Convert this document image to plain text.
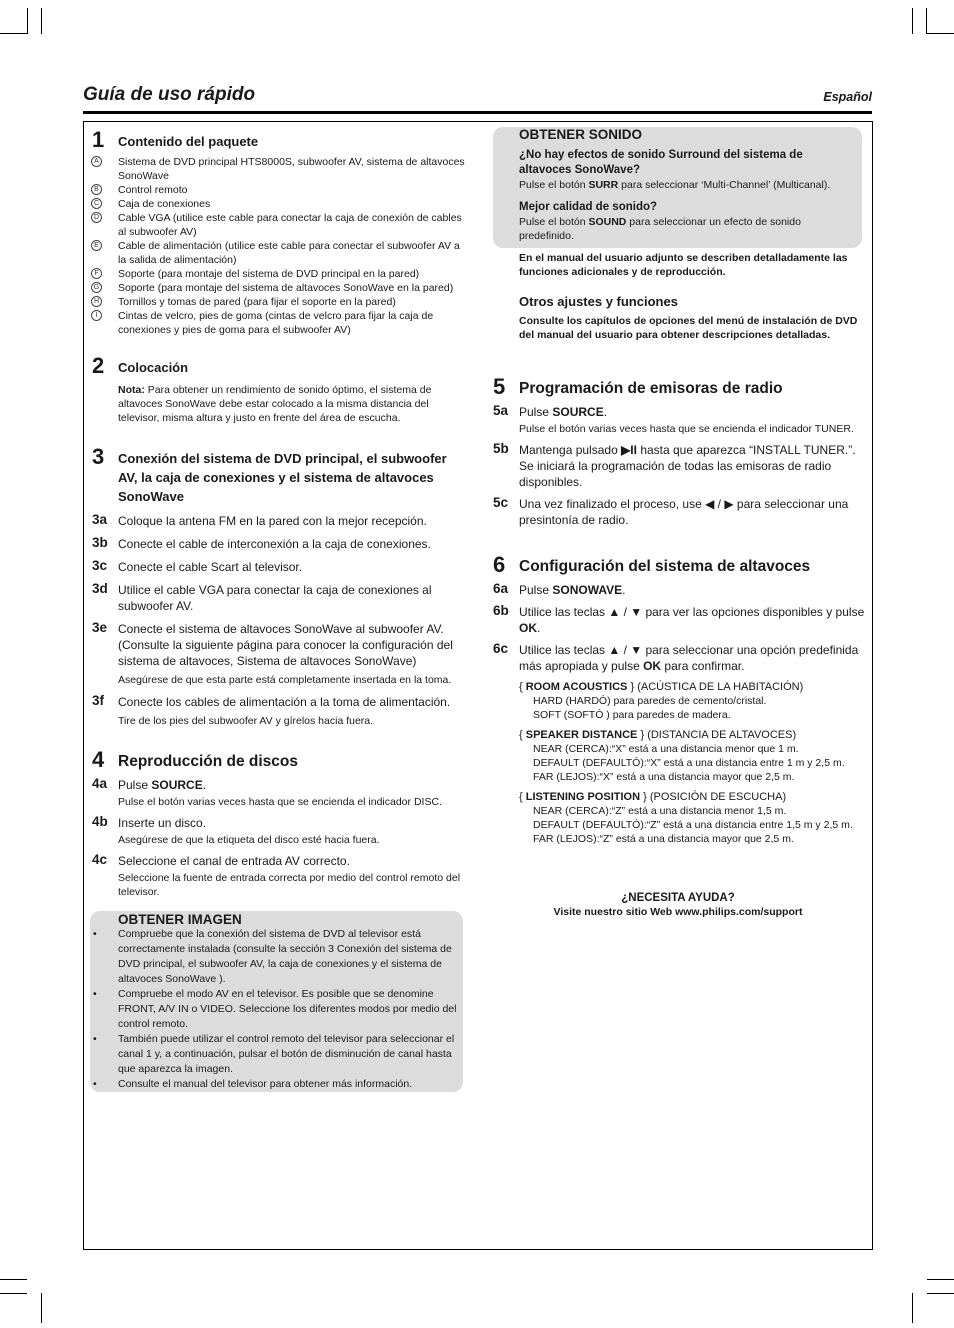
Guía de uso rápido	Español
1 Contenido del paquete
A	Sistema de DVD principal HTS8000S, subwoofer AV, sistema de altavoces SonoWave
B	Control remoto
C Caja de conexiones
D Cable VGA (utilice este cable para conectar la caja de conexión de cables al subwoofer AV)
E	Cable de alimentación (utilice este cable para conectar el subwoofer AV a la salida de alimentación)
F	Soporte (para montaje del sistema de DVD principal en la pared)
G Soporte (para montaje del sistema de altavoces SonoWave en la pared)
H Tornillos y tomas de pared (para fijar el soporte en la pared)
I	Cintas de velcro, pies de goma (cintas de velcro para fijar la caja de conexiones y pies de goma para el subwoofer AV)
2 Colocación
Nota: Para obtener un rendimiento de sonido óptimo, el sistema de altavoces SonoWave debe estar colocado a la misma distancia del televisor, misma altura y justo en frente del área de escucha.
3 Conexión del sistema de DVD principal, el subwoofer AV, la caja de conexiones y el sistema de altavoces SonoWave
3a Coloque la antena FM en la pared con la mejor recepción.
3b Conecte el cable de interconexión a la caja de conexiones.
3c Conecte el cable Scart al televisor.
3d Utilice el cable VGA para conectar la caja de conexiones al subwoofer AV.
3e Conecte el sistema de altavoces SonoWave al subwoofer AV. (Consulte la siguiente página para conocer la configuración del sistema de altavoces, Sistema de altavoces SonoWave)
Asegúrese de que esta parte está completamente insertada en la toma.
3f Conecte los cables de alimentación a la toma de alimentación.
Tire de los pies del subwoofer AV y gírelos hacia fuera.
4 Reproducción de discos
4a Pulse SOURCE.
Pulse el botón varias veces hasta que se encienda el indicador DISC.
4b Inserte un disco.
Asegúrese de que la etiqueta del disco esté hacia fuera.
4c Seleccione el canal de entrada AV correcto.
Seleccione la fuente de entrada correcta por medio del control remoto del televisor.
OBTENER IMAGEN
• Compruebe que la conexión del sistema de DVD al televisor está correctamente instalada (consulte la sección 3 Conexión del sistema de DVD principal, el subwoofer AV, la caja de conexiones y el sistema de altavoces SonoWave ).
• Compruebe el modo AV en el televisor. Es posible que se denomine FRONT, A/V IN o VIDEO. Seleccione los diferentes modos por medio del control remoto.
• También puede utilizar el control remoto del televisor para seleccionar el canal 1 y, a continuación, pulsar el botón de disminución de canal hasta que aparezca la imagen.
• Consulte el manual del televisor para obtener más información.
OBTENER SONIDO
¿No hay efectos de sonido Surround del sistema de altavoces SonoWave?
Pulse el botón SURR para seleccionar ‘Multi-Channel’ (Multicanal).
Mejor calidad de sonido?
Pulse el botón SOUND para seleccionar un efecto de sonido predefinido.
En el manual del usuario adjunto se describen detalladamente las funciones adicionales y de reproducción.
Otros ajustes y funciones
Consulte los capítulos de opciones del menú de instalación de DVD del manual del usuario para obtener descripciones detalladas.
5 Programación de emisoras de radio
5a Pulse SOURCE.
Pulse el botón varias veces hasta que se encienda el indicador TUNER.
5b Mantenga pulsado ▶II hasta que aparezca “INSTALL TUNER.”. Se iniciará la programación de todas las emisoras de radio disponibles.
5c Una vez finalizado el proceso, use ◀ / ▶ para seleccionar una presintonía de radio.
6 Configuración del sistema de altavoces
6a Pulse SONOWAVE.
6b Utilice las teclas ▲ / ▼ para ver las opciones disponibles y pulse OK.
6c Utilice las teclas ▲ / ▼ para seleccionar una opción predefinida más apropiada y pulse OK para confirmar.
{ ROOM ACOUSTICS } (ACÚSTICA DE LA HABITACIÓN)
HARD (HARDÓ) para paredes de cemento/cristal.
SOFT (SOFTÓ ) para paredes de madera.
{ SPEAKER DISTANCE } (DISTANCIA DE ALTAVOCES)
NEAR (CERCA):“X” está a una distancia menor que 1 m.
DEFAULT (DEFAULTÓ):“X” está a una distancia entre 1 m y 2,5 m.
FAR (LEJOS):“X” está a una distancia mayor que 2,5 m.
{ LISTENING POSITION } (POSICIÓN DE ESCUCHA)
NEAR (CERCA):“Z” está a una distancia menor 1,5 m.
DEFAULT (DEFAULTÓ):“Z” está a una distancia entre 1,5 m y 2,5 m.
FAR (LEJOS):“Z” está a una distancia mayor que 2,5 m.
¿NECESITA AYUDA?
Visite nuestro sitio Web www.philips.com/support
